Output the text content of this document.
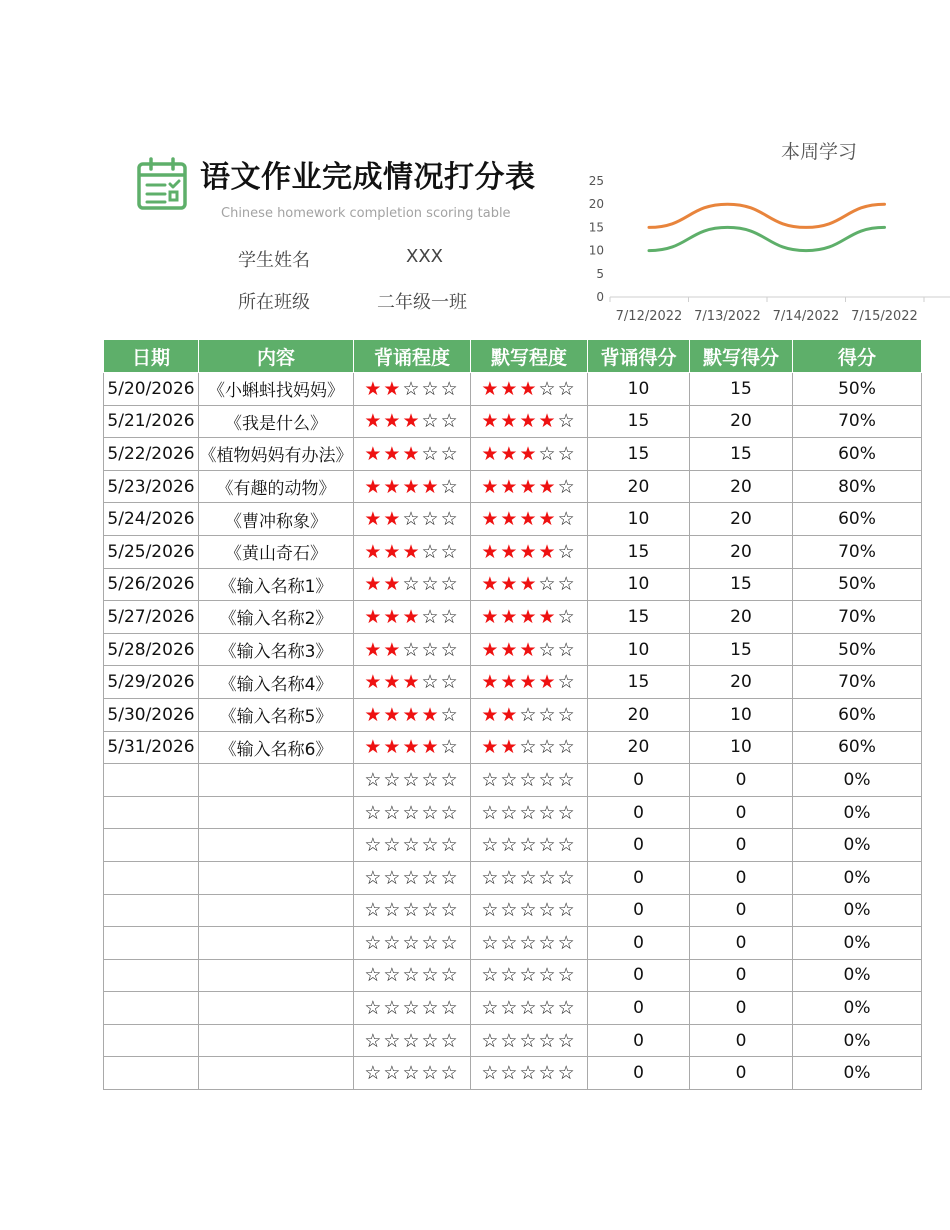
语文作业完成情况打分表
Chinese homework completion scoring table
学生姓名	XXX
所在班级	二年级一班
本周学习
25
20
15
10
5
0
7/12/2022 7/13/2022 7/14/2022 7/15/2022
日期	内容	背诵程度	默写程度	背诵得分	默写得分	得分
5/20/2026	《小蝌蚪找妈妈》	★★☆☆☆	★★★☆☆	10	15	50%
5/21/2026	《我是什么》	★★★☆☆	★★★★☆	15	20	70%
5/22/2026	《植物妈妈有办法》	★★★☆☆	★★★☆☆	15	15	60%
5/23/2026	《有趣的动物》	★★★★☆	★★★★☆	20	20	80%
5/24/2026	《曹冲称象》	★★☆☆☆	★★★★☆	10	20	60%
5/25/2026	《黄山奇石》	★★★☆☆	★★★★☆	15	20	70%
5/26/2026	《输入名称1》	★★☆☆☆	★★★☆☆	10	15	50%
5/27/2026	《输入名称2》	★★★☆☆	★★★★☆	15	20	70%
5/28/2026	《输入名称3》	★★☆☆☆	★★★☆☆	10	15	50%
5/29/2026	《输入名称4》	★★★☆☆	★★★★☆	15	20	70%
5/30/2026	《输入名称5》	★★★★☆	★★☆☆☆	20	10	60%
5/31/2026	《输入名称6》	★★★★☆	★★☆☆☆	20	10	60%
		☆☆☆☆☆	☆☆☆☆☆	0	0	0%
		☆☆☆☆☆	☆☆☆☆☆	0	0	0%
		☆☆☆☆☆	☆☆☆☆☆	0	0	0%
		☆☆☆☆☆	☆☆☆☆☆	0	0	0%
		☆☆☆☆☆	☆☆☆☆☆	0	0	0%
		☆☆☆☆☆	☆☆☆☆☆	0	0	0%
		☆☆☆☆☆	☆☆☆☆☆	0	0	0%
		☆☆☆☆☆	☆☆☆☆☆	0	0	0%
		☆☆☆☆☆	☆☆☆☆☆	0	0	0%
		☆☆☆☆☆	☆☆☆☆☆	0	0	0%
